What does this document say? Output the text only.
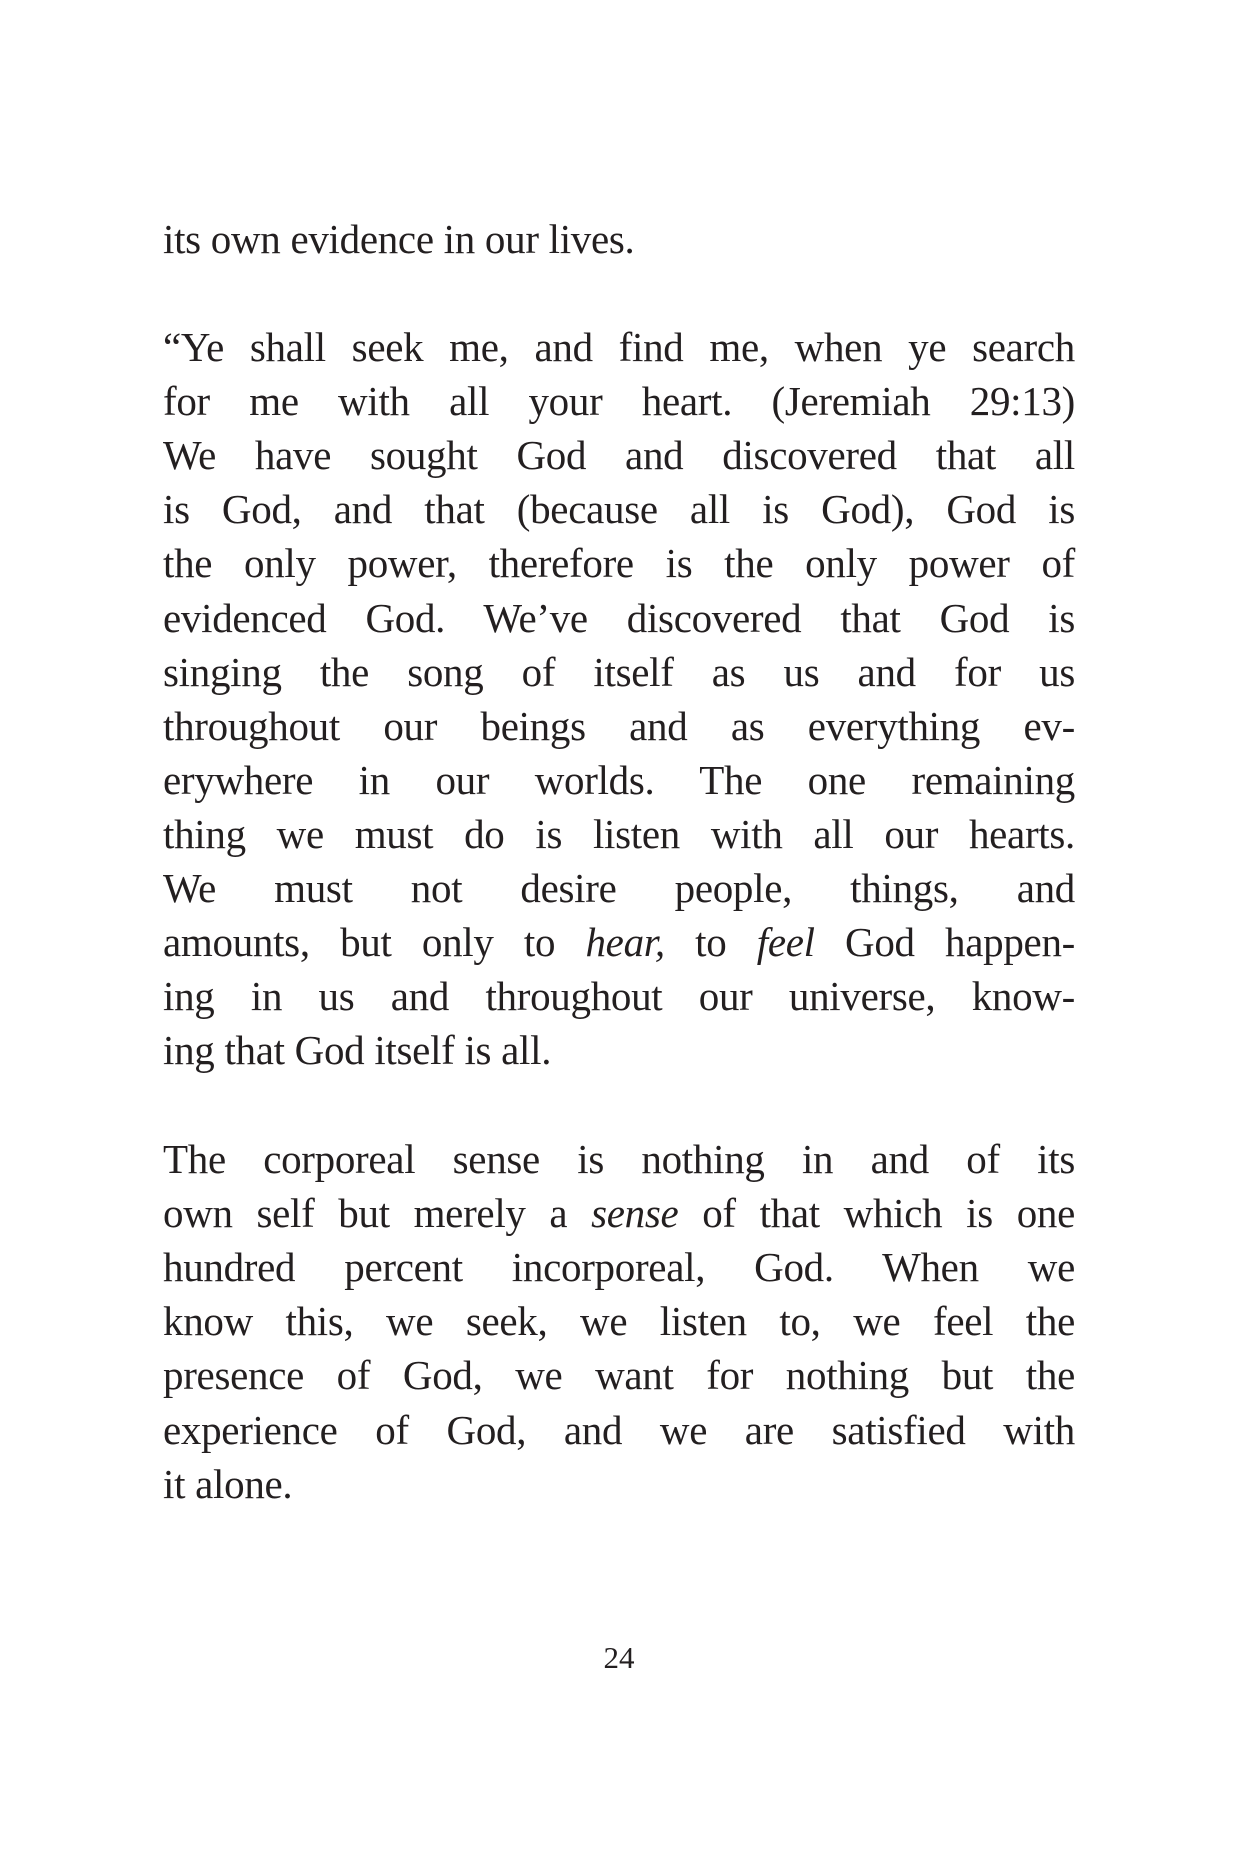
its own evidence in our lives.
“Ye shall seek me, and find me, when ye search
for me with all your heart. (Jeremiah 29:13)
We have sought God and discovered that all
is God, and that (because all is God), God is
the only power, therefore is the only power of
evidenced God. We’ve discovered that God is
singing the song of itself as us and for us
throughout our beings and as everything ev-
erywhere in our worlds. The one remaining
thing we must do is listen with all our hearts.
We must not desire people, things, and
amounts, but only to hear, to feel God happen-
ing in us and throughout our universe, know-
ing that God itself is all.
The corporeal sense is nothing in and of its
own self but merely a sense of that which is one
hundred percent incorporeal, God. When we
know this, we seek, we listen to, we feel the
presence of God, we want for nothing but the
experience of God, and we are satisfied with
it alone.
24
